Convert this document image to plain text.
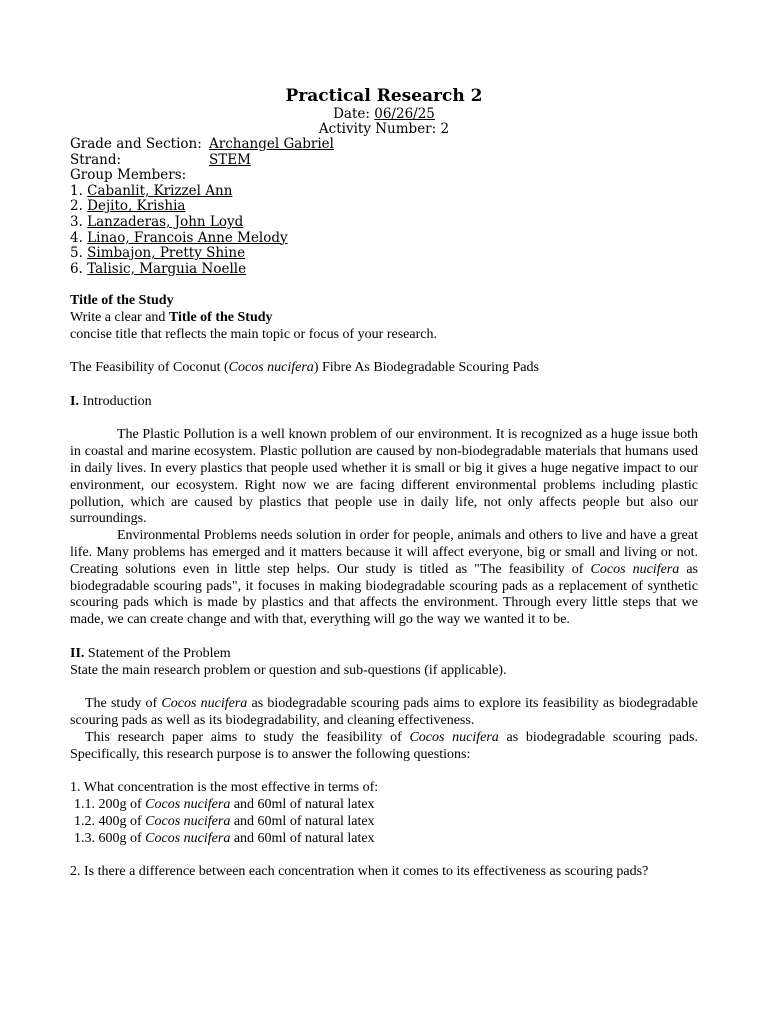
Practical Research 2
Date: 06/26/25
Activity Number: 2
Grade and Section: Archangel Gabriel
Strand:	STEM
Group Members:
1. Cabanlit, Krizzel Ann
2. Dejito, Krishia
3. Lanzaderas, John Loyd
4. Linao, Francois Anne Melody
5. Simbajon, Pretty Shine
6. Talisic, Marguia Noelle

Title of the Study

Write a clear and Title of the Study

concise title that reflects the main topic or focus of your research.

The Feasibility of Coconut (Cocos nucifera) Fibre As Biodegradable Scouring Pads

I. Introduction

The Plastic Pollution is a well known problem of our environment. It is recognized as a huge issue both in coastal and marine ecosystem. Plastic pollution are caused by non-biodegradable materials that humans used in daily lives. In every plastics that people used whether it is small or big it gives a huge negative impact to our environment, our ecosystem. Right now we are facing different environmental problems including plastic pollution, which are caused by plastics that people use in daily life, not only affects people but also our surroundings.

Environmental Problems needs solution in order for people, animals and others to live and have a great life. Many problems has emerged and it matters because it will affect everyone, big or small and living or not. Creating solutions even in little step helps. Our study is titled as "The feasibility of Cocos nucifera as biodegradable scouring pads", it focuses in making biodegradable scouring pads as a replacement of synthetic scouring pads which is made by plastics and that affects the environment. Through every little steps that we made, we can create change and with that, everything will go the way we wanted it to be.

II. Statement of the Problem

State the main research problem or question and sub-questions (if applicable).

The study of Cocos nucifera as biodegradable scouring pads aims to explore its feasibility as biodegradable scouring pads as well as its biodegradability, and cleaning effectiveness.

This research paper aims to study the feasibility of Cocos nucifera as biodegradable scouring pads. Specifically, this research purpose is to answer the following questions:

1. What concentration is the most effective in terms of:

1.1. 200g of Cocos nucifera and 60ml of natural latex

1.2. 400g of Cocos nucifera and 60ml of natural latex

1.3. 600g of Cocos nucifera and 60ml of natural latex

2. Is there a difference between each concentration when it comes to its effectiveness as scouring pads?
